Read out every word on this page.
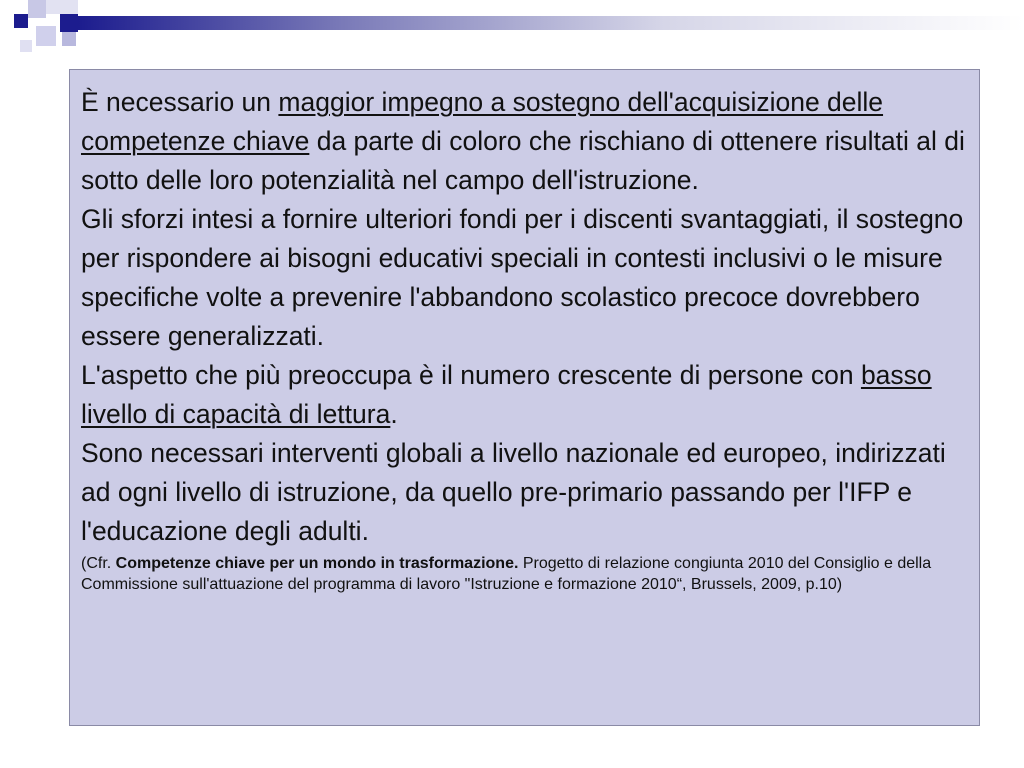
È necessario un maggior impegno a sostegno dell'acquisizione delle competenze chiave da parte di coloro che rischiano di ottenere risultati al di sotto delle loro potenzialità nel campo dell'istruzione.

Gli sforzi intesi a fornire ulteriori fondi per i discenti svantaggiati, il sostegno per rispondere ai bisogni educativi speciali in contesti inclusivi o le misure specifiche volte a prevenire l'abbandono scolastico precoce dovrebbero essere generalizzati.

L'aspetto che più preoccupa è il numero crescente di persone con basso livello di capacità di lettura.

Sono necessari interventi globali a livello nazionale ed europeo, indirizzati ad ogni livello di istruzione, da quello pre-primario passando per l'IFP e l'educazione degli adulti.

(Cfr. Competenze chiave per un mondo in trasformazione. Progetto di relazione congiunta 2010 del Consiglio e della Commissione sull'attuazione del programma di lavoro "Istruzione e formazione 2010“, Brussels, 2009, p.10)
